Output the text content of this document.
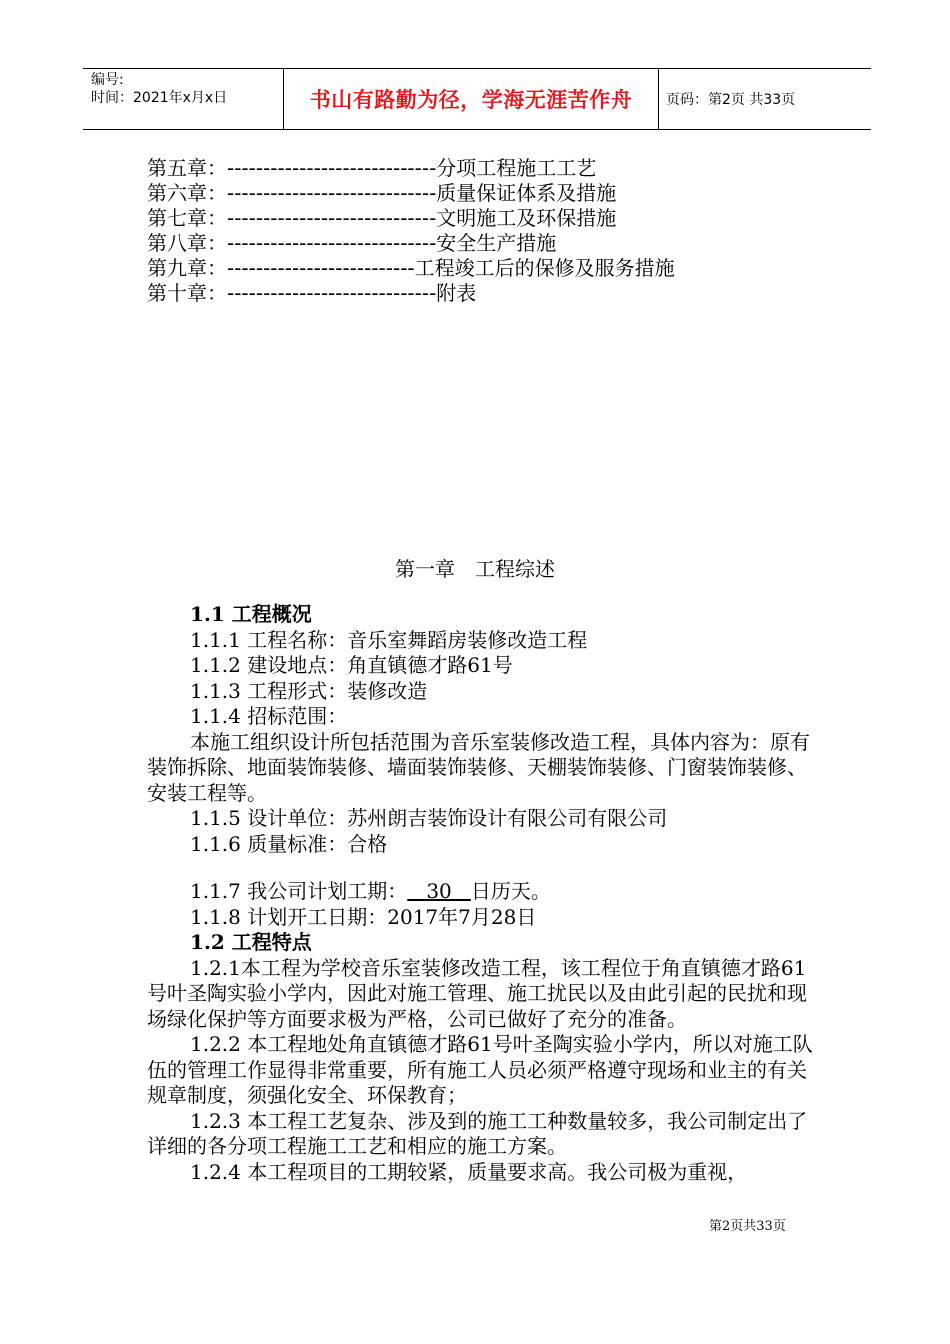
编号:
时间：2021年x月x日	书山有路勤为径，学海无涯苦作舟	页码：第2页 共33页
第五章：-----------------------------分项工程施工工艺
第六章：-----------------------------质量保证体系及措施
第七章：-----------------------------文明施工及环保措施
第八章：-----------------------------安全生产措施
第九章：--------------------------工程竣工后的保修及服务措施
第十章：-----------------------------附表
第一章　工程综述

1.1 工程概况

1.1.1 工程名称：音乐室舞蹈房装修改造工程

1.1.2 建设地点：角直镇德才路61号

1.1.3 工程形式：装修改造

1.1.4 招标范围：

本施工组织设计所包括范围为音乐室装修改造工程，具体内容为：原有装饰拆除、地面装饰装修、墙面装饰装修、天棚装饰装修、门窗装饰装修、安装工程等。

1.1.5 设计单位：苏州朗吉装饰设计有限公司有限公司

1.1.6 质量标准：合格

1.1.7 我公司计划工期：   30   日历天。

1.1.8 计划开工日期：2017年7月28日

1.2 工程特点

1.2.1本工程为学校音乐室装修改造工程，该工程位于角直镇德才路61号叶圣陶实验小学内，因此对施工管理、施工扰民以及由此引起的民扰和现场绿化保护等方面要求极为严格，公司已做好了充分的准备。

1.2.2 本工程地处角直镇德才路61号叶圣陶实验小学内，所以对施工队伍的管理工作显得非常重要，所有施工人员必须严格遵守现场和业主的有关规章制度，须强化安全、环保教育；

1.2.3 本工程工艺复杂、涉及到的施工工种数量较多，我公司制定出了详细的各分项工程施工工艺和相应的施工方案。

1.2.4 本工程项目的工期较紧，质量要求高。我公司极为重视，

第2页共33页
